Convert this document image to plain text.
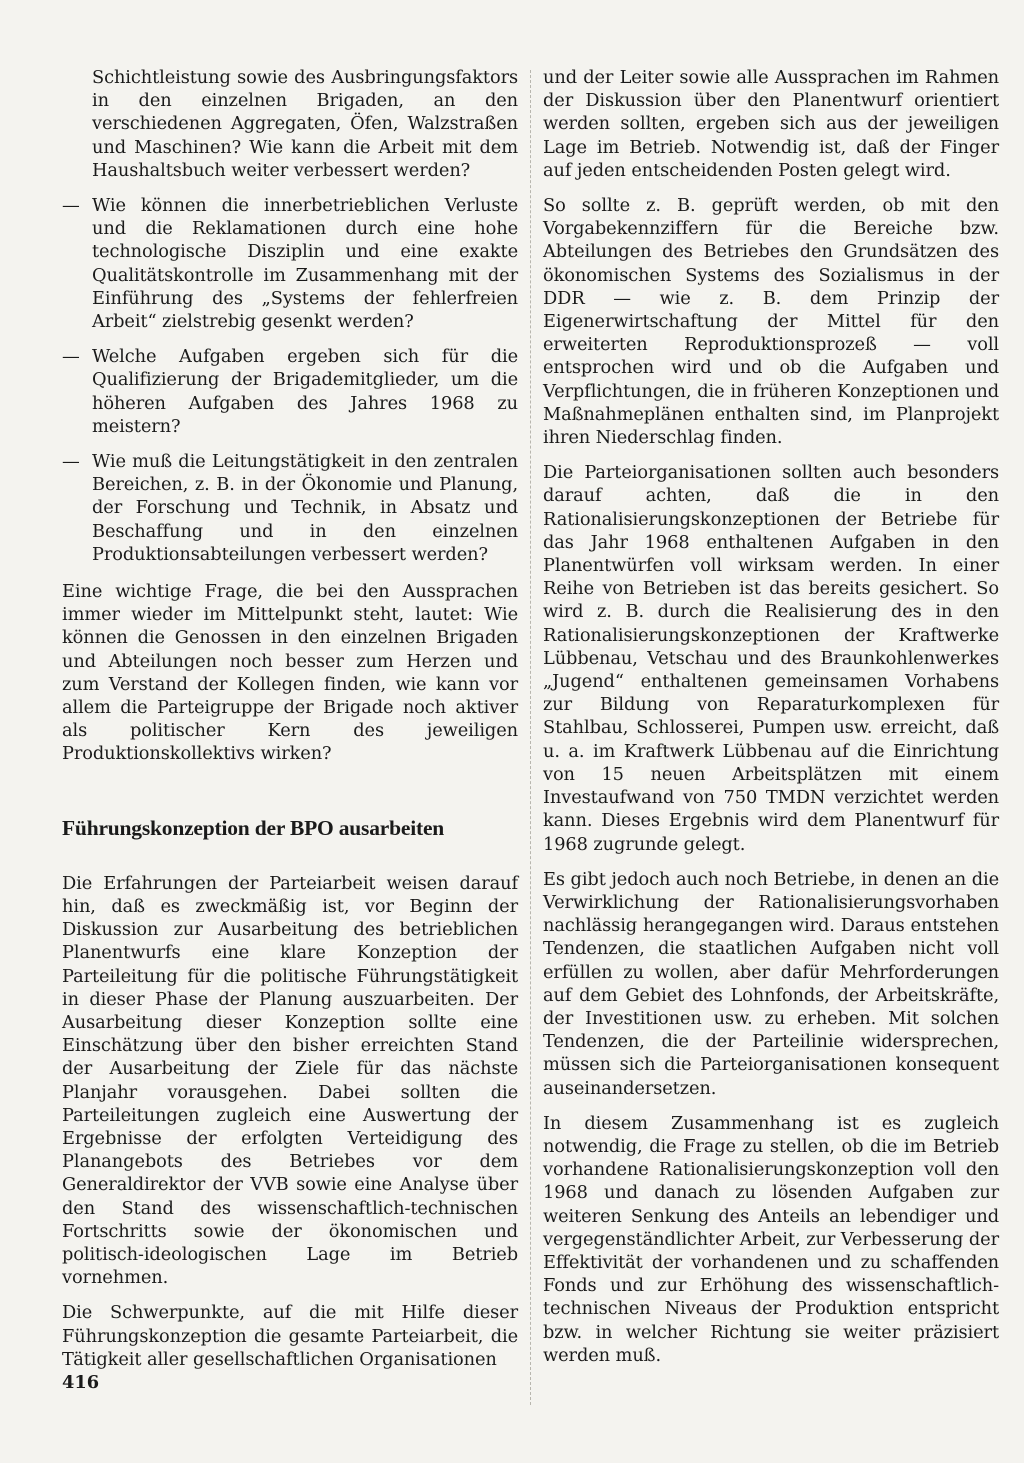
Schichtleistung sowie des Ausbringungsfaktors in den einzelnen Brigaden, an den verschiedenen Aggregaten, Öfen, Walzstraßen und Maschinen? Wie kann die Arbeit mit dem Haushaltsbuch weiter verbessert werden?

— Wie können die innerbetrieblichen Verluste und die Reklamationen durch eine hohe technologische Disziplin und eine exakte Qualitätskontrolle im Zusammenhang mit der Einführung des „Systems der fehlerfreien Arbeit“ zielstrebig gesenkt werden?

— Welche Aufgaben ergeben sich für die Qualifizierung der Brigademitglieder, um die höheren Aufgaben des Jahres 1968 zu meistern?

— Wie muß die Leitungstätigkeit in den zentralen Bereichen, z. B. in der Ökonomie und Planung, der Forschung und Technik, in Absatz und Beschaffung und in den einzelnen Produktionsabteilungen verbessert werden?

Eine wichtige Frage, die bei den Aussprachen immer wieder im Mittelpunkt steht, lautet: Wie können die Genossen in den einzelnen Brigaden und Abteilungen noch besser zum Herzen und zum Verstand der Kollegen finden, wie kann vor allem die Parteigruppe der Brigade noch aktiver als politischer Kern des jeweiligen Produktionskollektivs wirken?

Führungskonzeption der BPO ausarbeiten

Die Erfahrungen der Parteiarbeit weisen darauf hin, daß es zweckmäßig ist, vor Beginn der Diskussion zur Ausarbeitung des betrieblichen Planentwurfs eine klare Konzeption der Parteileitung für die politische Führungstätigkeit in dieser Phase der Planung auszuarbeiten. Der Ausarbeitung dieser Konzeption sollte eine Einschätzung über den bisher erreichten Stand der Ausarbeitung der Ziele für das nächste Planjahr vorausgehen. Dabei sollten die Parteileitungen zugleich eine Auswertung der Ergebnisse der erfolgten Verteidigung des Planangebots des Betriebes vor dem Generaldirektor der VVB sowie eine Analyse über den Stand des wissenschaftlich-technischen Fortschritts sowie der ökonomischen und politisch-ideologischen Lage im Betrieb vornehmen.

Die Schwerpunkte, auf die mit Hilfe dieser Führungskonzeption die gesamte Parteiarbeit, die Tätigkeit aller gesellschaftlichen Organisationen

und der Leiter sowie alle Aussprachen im Rahmen der Diskussion über den Planentwurf orientiert werden sollten, ergeben sich aus der jeweiligen Lage im Betrieb. Notwendig ist, daß der Finger auf jeden entscheidenden Posten gelegt wird.

So sollte z. B. geprüft werden, ob mit den Vorgabekennziffern für die Bereiche bzw. Abteilungen des Betriebes den Grundsätzen des ökonomischen Systems des Sozialismus in der DDR — wie z. B. dem Prinzip der Eigenerwirtschaftung der Mittel für den erweiterten Reproduktionsprozeß — voll entsprochen wird und ob die Aufgaben und Verpflichtungen, die in früheren Konzeptionen und Maßnahmeplänen enthalten sind, im Planprojekt ihren Niederschlag finden.

Die Parteiorganisationen sollten auch besonders darauf achten, daß die in den Rationalisierungskonzeptionen der Betriebe für das Jahr 1968 enthaltenen Aufgaben in den Planentwürfen voll wirksam werden. In einer Reihe von Betrieben ist das bereits gesichert. So wird z. B. durch die Realisierung des in den Rationalisierungskonzeptionen der Kraftwerke Lübbenau, Vetschau und des Braunkohlenwerkes „Jugend“ enthaltenen gemeinsamen Vorhabens zur Bildung von Reparaturkomplexen für Stahlbau, Schlosserei, Pumpen usw. erreicht, daß u. a. im Kraftwerk Lübbenau auf die Einrichtung von 15 neuen Arbeitsplätzen mit einem Investaufwand von 750 TMDN verzichtet werden kann. Dieses Ergebnis wird dem Planentwurf für 1968 zugrunde gelegt.

Es gibt jedoch auch noch Betriebe, in denen an die Verwirklichung der Rationalisierungsvorhaben nachlässig herangegangen wird. Daraus entstehen Tendenzen, die staatlichen Aufgaben nicht voll erfüllen zu wollen, aber dafür Mehrforderungen auf dem Gebiet des Lohnfonds, der Arbeitskräfte, der Investitionen usw. zu erheben. Mit solchen Tendenzen, die der Parteilinie widersprechen, müssen sich die Parteiorganisationen konsequent auseinandersetzen.

In diesem Zusammenhang ist es zugleich notwendig, die Frage zu stellen, ob die im Betrieb vorhandene Rationalisierungskonzeption voll den 1968 und danach zu lösenden Aufgaben zur weiteren Senkung des Anteils an lebendiger und vergegenständlichter Arbeit, zur Verbesserung der Effektivität der vorhandenen und zu schaffenden Fonds und zur Erhöhung des wissenschaftlich-technischen Niveaus der Produktion entspricht bzw. in welcher Richtung sie weiter präzisiert werden muß.

416
